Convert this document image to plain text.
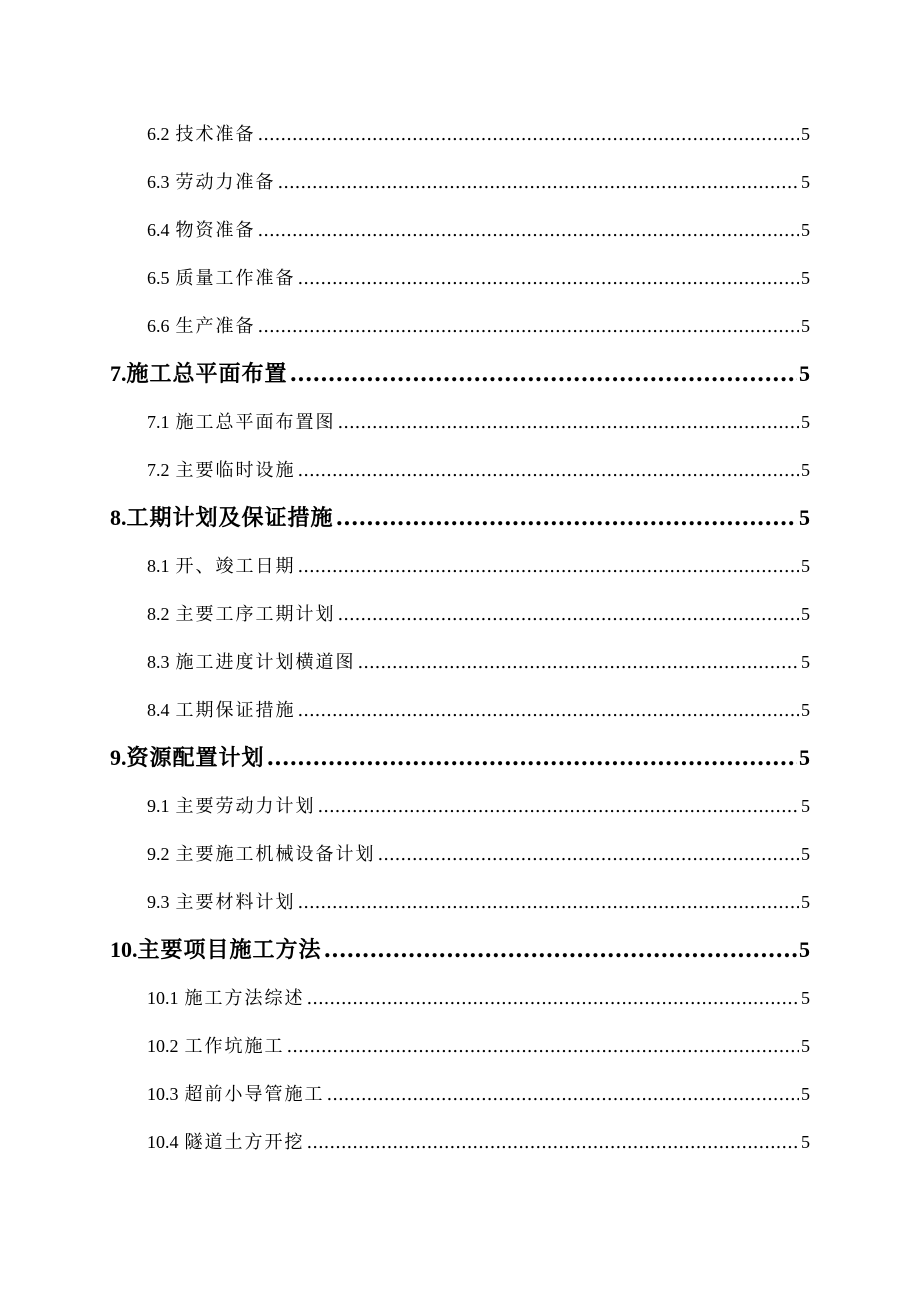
6.2 技术准备 .....	5
6.3 劳动力准备 .....	5
6.4 物资准备 .....	5
6.5 质量工作准备 .....	5
6.6 生产准备 .....	5
7.施工总平面布置 .....	5
7.1 施工总平面布置图 .....	5
7.2 主要临时设施 .....	5
8.工期计划及保证措施 .....	5
8.1 开、竣工日期 .....	5
8.2 主要工序工期计划 .....	5
8.3 施工进度计划横道图 .....	5
8.4 工期保证措施 .....	5
9.资源配置计划 .....	5
9.1 主要劳动力计划 .....	5
9.2 主要施工机械设备计划 .....	5
9.3 主要材料计划 .....	5
10.主要项目施工方法 .....	5
10.1 施工方法综述 .....	5
10.2 工作坑施工 .....	5
10.3 超前小导管施工 .....	5
10.4 隧道土方开挖 .....	5
